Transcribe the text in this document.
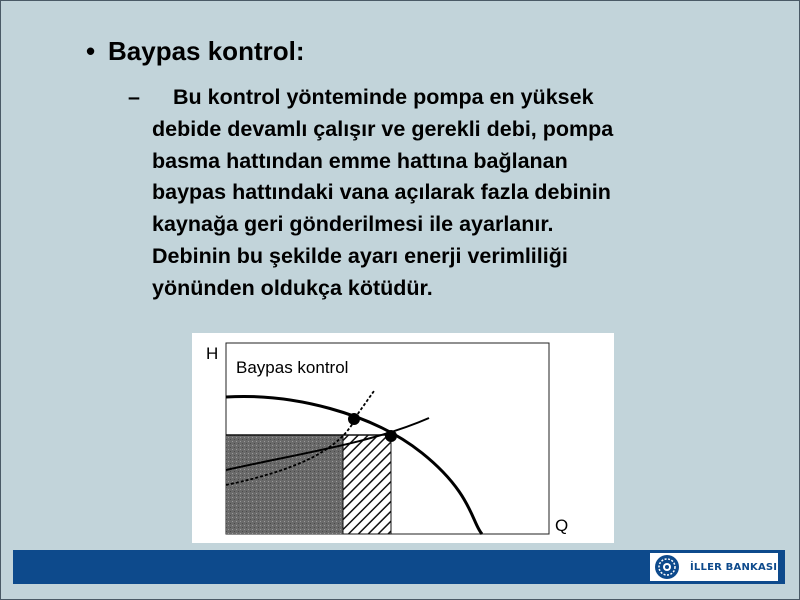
• Baypas kontrol:
–	Bu kontrol yönteminde pompa en yüksek
debide devamlı çalışır ve gerekli debi, pompa
basma hattından emme hattına bağlanan
baypas hattındaki vana açılarak fazla debinin
kaynağa geri gönderilmesi ile ayarlanır.
Debinin bu şekilde ayarı enerji verimliliği
yönünden oldukça kötüdür.
H
Q
Baypas kontrol
İLLER BANKASI
